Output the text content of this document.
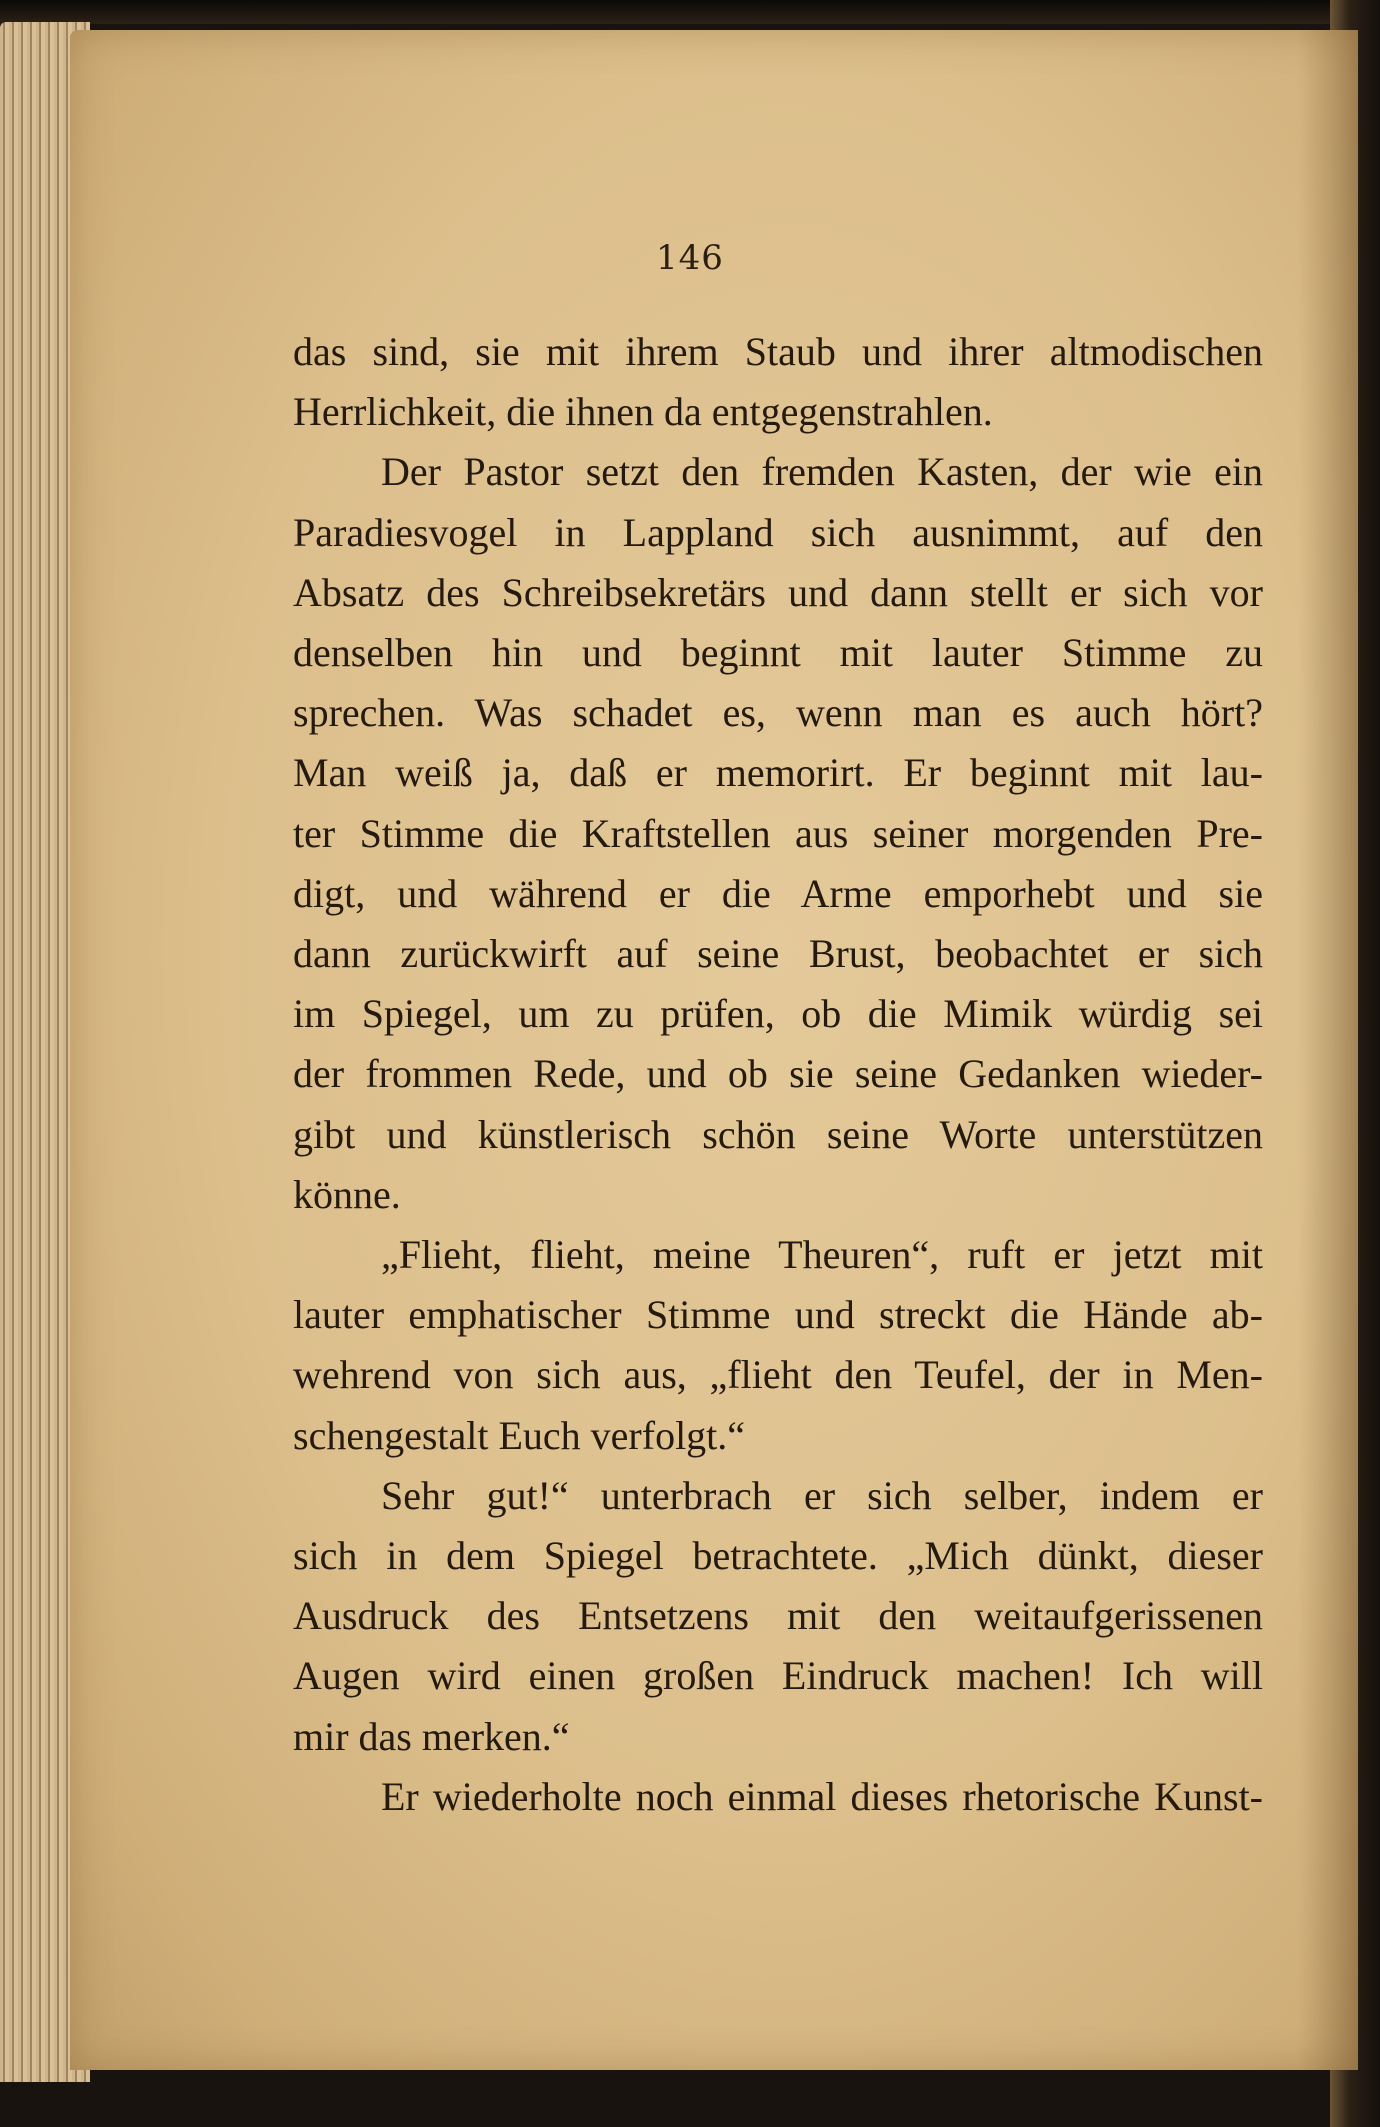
146
das sind, sie mit ihrem Staub und ihrer altmodischen
Herrlichkeit, die ihnen da entgegenstrahlen.
Der Pastor setzt den fremden Kasten, der wie ein
Paradiesvogel in Lappland sich ausnimmt, auf den
Absatz des Schreibsekretärs und dann stellt er sich vor
denselben hin und beginnt mit lauter Stimme zu
sprechen. Was schadet es, wenn man es auch hört?
Man weiß ja, daß er memorirt. Er beginnt mit lau-
ter Stimme die Kraftstellen aus seiner morgenden Pre-
digt, und während er die Arme emporhebt und sie
dann zurückwirft auf seine Brust, beobachtet er sich
im Spiegel, um zu prüfen, ob die Mimik würdig sei
der frommen Rede, und ob sie seine Gedanken wieder-
gibt und künstlerisch schön seine Worte unterstützen
könne.
„Flieht, flieht, meine Theuren“, ruft er jetzt mit
lauter emphatischer Stimme und streckt die Hände ab-
wehrend von sich aus, „flieht den Teufel, der in Men-
schengestalt Euch verfolgt.“
Sehr gut!“ unterbrach er sich selber, indem er
sich in dem Spiegel betrachtete. „Mich dünkt, dieser
Ausdruck des Entsetzens mit den weitaufgerissenen
Augen wird einen großen Eindruck machen! Ich will
mir das merken.“
Er wiederholte noch einmal dieses rhetorische Kunst-
